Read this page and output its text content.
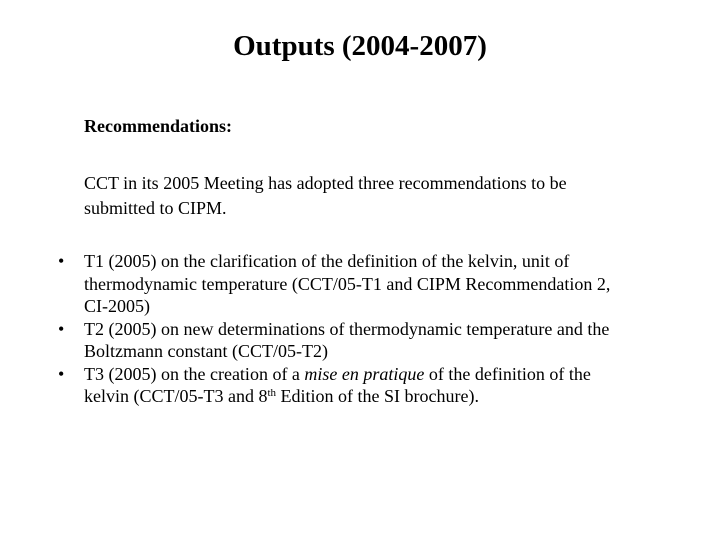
Outputs (2004-2007)
Recommendations:
CCT in its 2005 Meeting has adopted three recommendations to be
submitted to CIPM.
• T1 (2005) on the clarification of the definition of the kelvin, unit of
thermodynamic temperature (CCT/05-T1 and CIPM Recommendation 2,
CI-2005)
• T2 (2005) on new determinations of thermodynamic temperature and the
Boltzmann constant (CCT/05-T2)
• T3 (2005) on the creation of a mise en pratique of the definition of the
kelvin (CCT/05-T3 and 8th Edition of the SI brochure).
